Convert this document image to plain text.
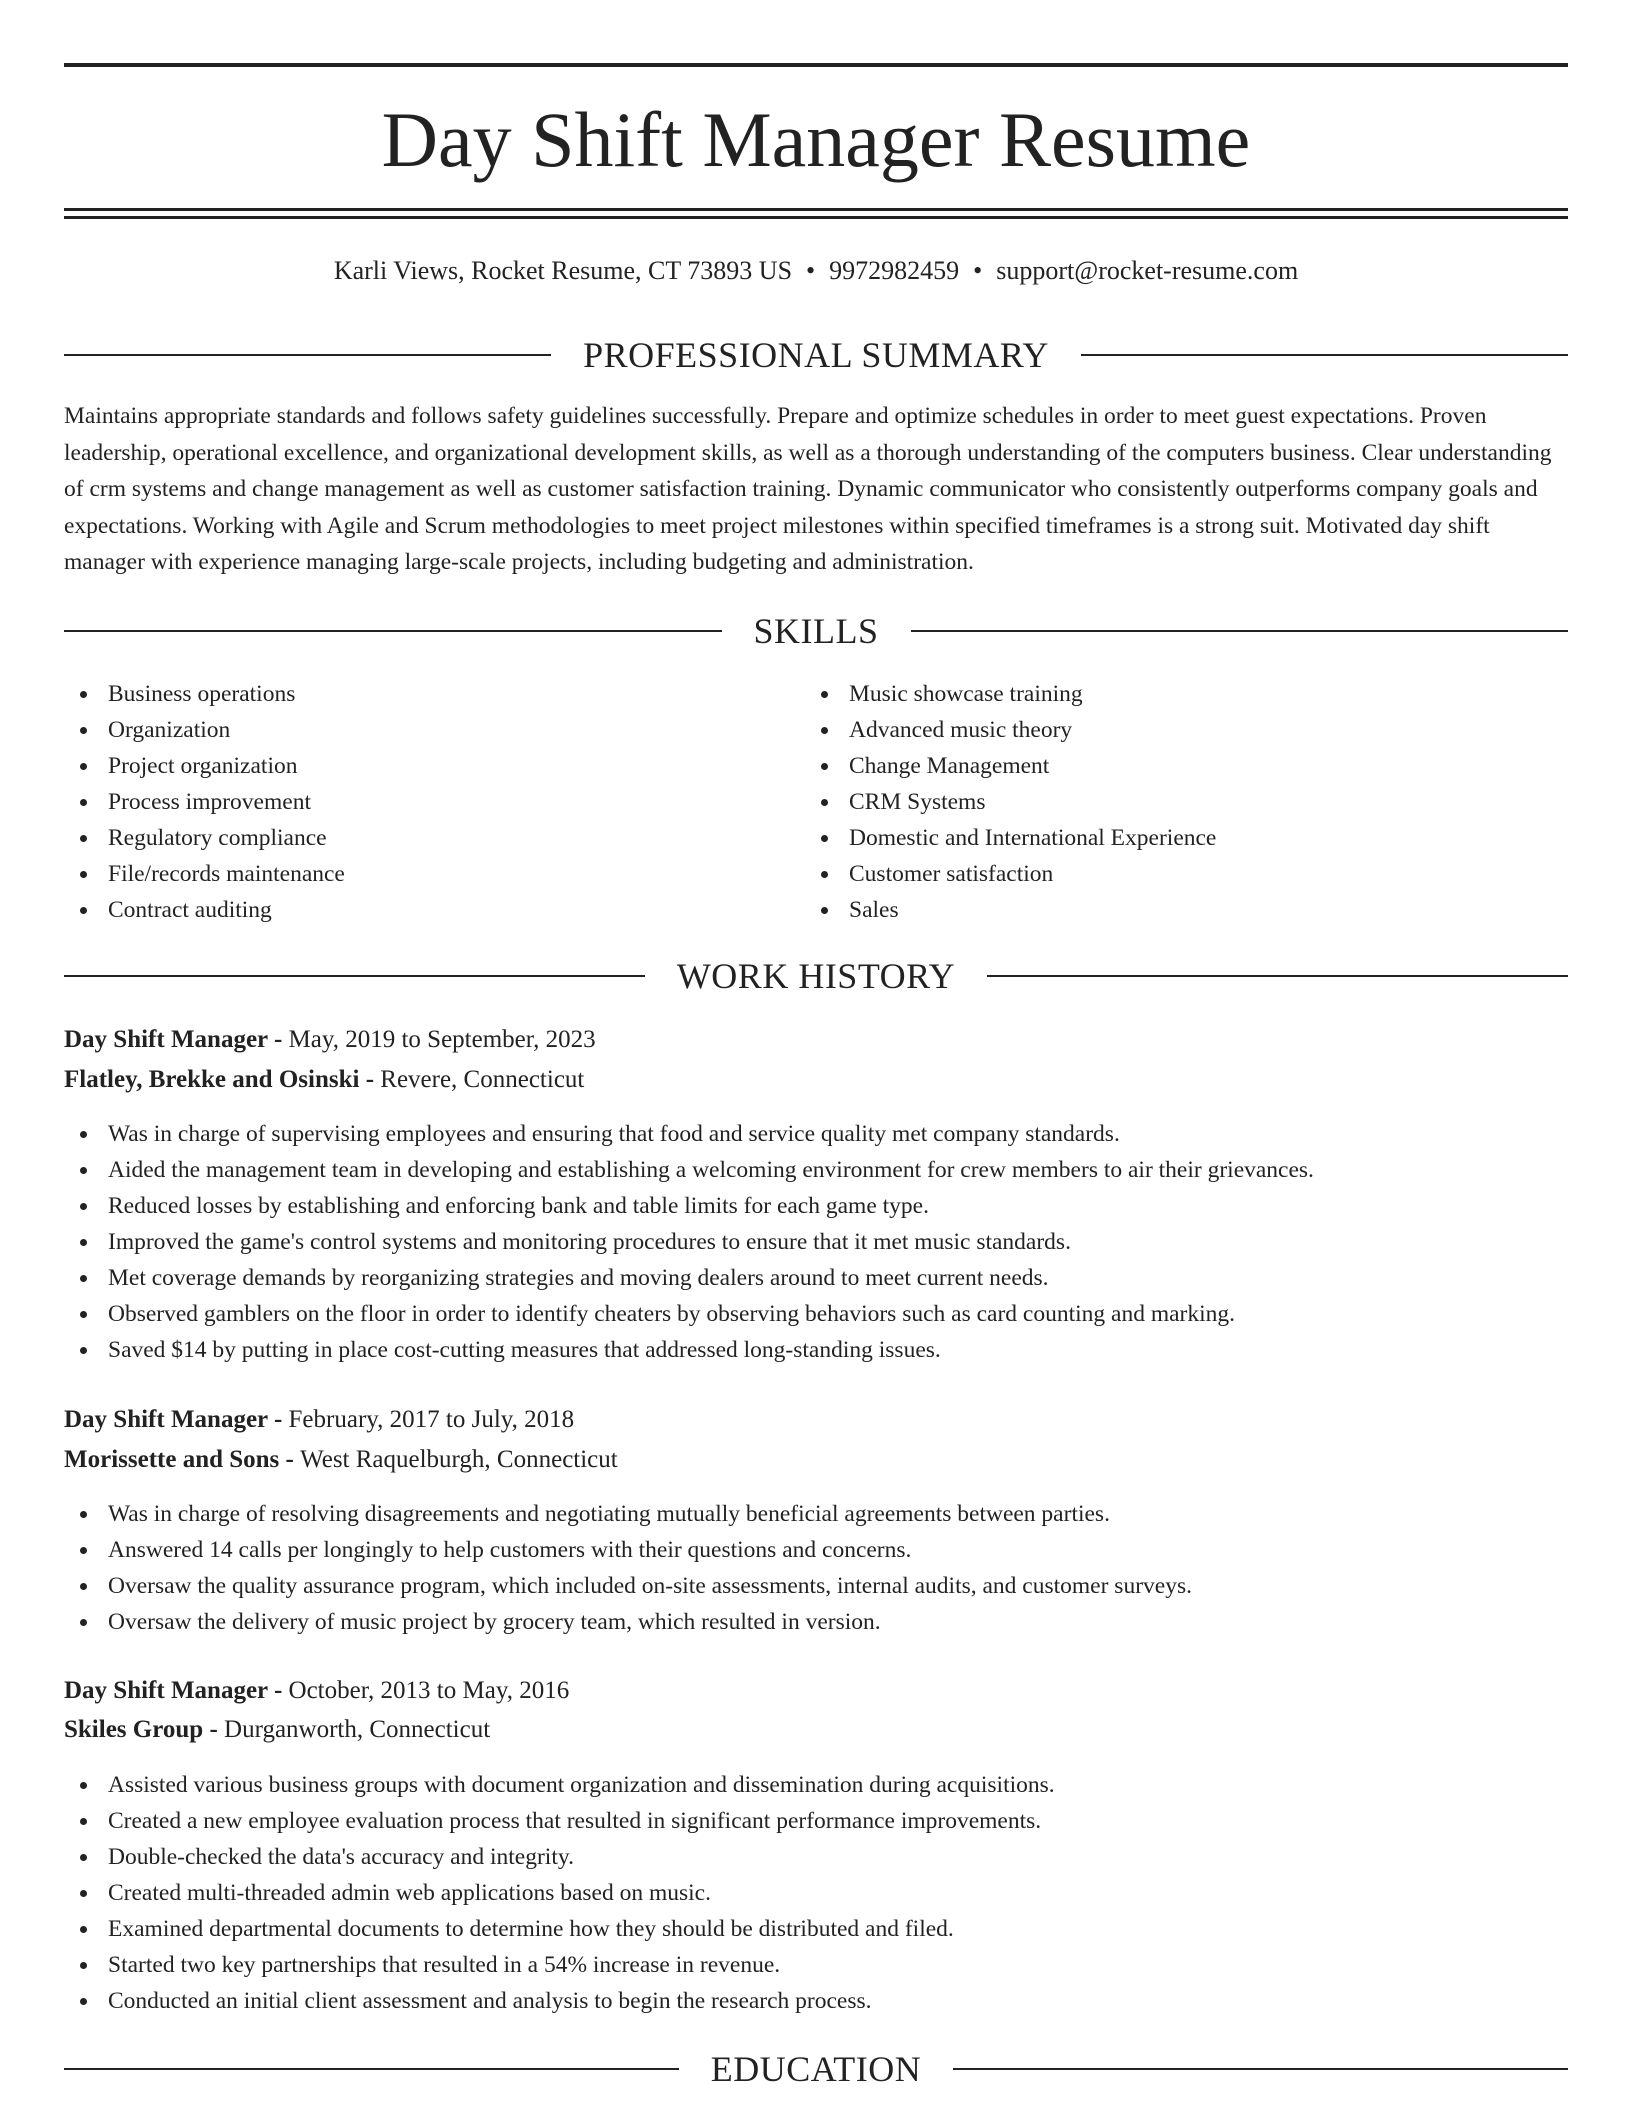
Day Shift Manager Resume
Karli Views, Rocket Resume, CT 73893 US • 9972982459 • support@rocket-resume.com
PROFESSIONAL SUMMARY

Maintains appropriate standards and follows safety guidelines successfully. Prepare and optimize schedules in order to meet guest expectations. Proven leadership, operational excellence, and organizational development skills, as well as a thorough understanding of the computers business. Clear understanding of crm systems and change management as well as customer satisfaction training. Dynamic communicator who consistently outperforms company goals and expectations. Working with Agile and Scrum methodologies to meet project milestones within specified timeframes is a strong suit. Motivated day shift manager with experience managing large-scale projects, including budgeting and administration.

SKILLS
Business operations
Organization
Project organization
Process improvement
Regulatory compliance
File/records maintenance
Contract auditing
Music showcase training
Advanced music theory
Change Management
CRM Systems
Domestic and International Experience
Customer satisfaction
Sales
WORK HISTORY
Day Shift Manager - May, 2019 to September, 2023
Flatley, Brekke and Osinski - Revere, Connecticut
Was in charge of supervising employees and ensuring that food and service quality met company standards.
Aided the management team in developing and establishing a welcoming environment for crew members to air their grievances.
Reduced losses by establishing and enforcing bank and table limits for each game type.
Improved the game's control systems and monitoring procedures to ensure that it met music standards.
Met coverage demands by reorganizing strategies and moving dealers around to meet current needs.
Observed gamblers on the floor in order to identify cheaters by observing behaviors such as card counting and marking.
Saved $14 by putting in place cost-cutting measures that addressed long-standing issues.
Day Shift Manager - February, 2017 to July, 2018
Morissette and Sons - West Raquelburgh, Connecticut
Was in charge of resolving disagreements and negotiating mutually beneficial agreements between parties.
Answered 14 calls per longingly to help customers with their questions and concerns.
Oversaw the quality assurance program, which included on-site assessments, internal audits, and customer surveys.
Oversaw the delivery of music project by grocery team, which resulted in version.
Day Shift Manager - October, 2013 to May, 2016
Skiles Group - Durganworth, Connecticut
Assisted various business groups with document organization and dissemination during acquisitions.
Created a new employee evaluation process that resulted in significant performance improvements.
Double-checked the data's accuracy and integrity.
Created multi-threaded admin web applications based on music.
Examined departmental documents to determine how they should be distributed and filed.
Started two key partnerships that resulted in a 54% increase in revenue.
Conducted an initial client assessment and analysis to begin the research process.
EDUCATION
